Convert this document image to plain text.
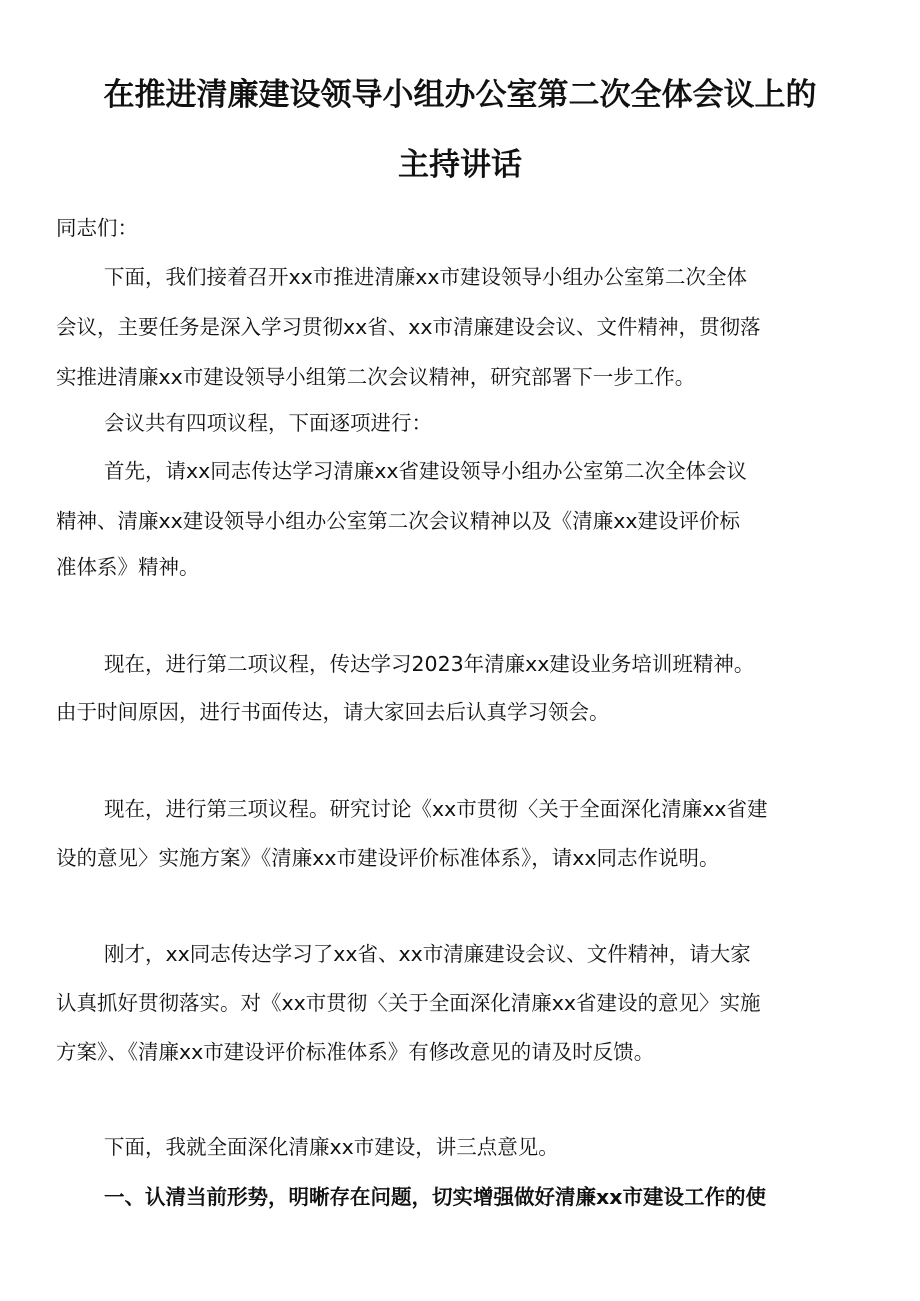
在推进清廉建设领导小组办公室第二次全体会议上的
主持讲话
同志们：
下面，我们接着召开xx市推进清廉xx市建设领导小组办公室第二次全体
会议，主要任务是深入学习贯彻xx省、xx市清廉建设会议、文件精神，贯彻落
实推进清廉xx市建设领导小组第二次会议精神，研究部署下一步工作。
会议共有四项议程，下面逐项进行：
首先，请xx同志传达学习清廉xx省建设领导小组办公室第二次全体会议
精神、清廉xx建设领导小组办公室第二次会议精神以及《清廉xx建设评价标
准体系》精神。
现在，进行第二项议程，传达学习2023年清廉xx建设业务培训班精神。
由于时间原因，进行书面传达，请大家回去后认真学习领会。
现在，进行第三项议程。研究讨论《xx市贯彻〈关于全面深化清廉xx省建
设的意见〉实施方案》《清廉xx市建设评价标准体系》，请xx同志作说明。
刚才，xx同志传达学习了xx省、xx市清廉建设会议、文件精神，请大家
认真抓好贯彻落实。对《xx市贯彻〈关于全面深化清廉xx省建设的意见〉实施
方案》、《清廉xx市建设评价标准体系》有修改意见的请及时反馈。
下面，我就全面深化清廉xx市建设，讲三点意见。
一、认清当前形势，明晰存在问题，切实增强做好清廉xx市建设工作的使
